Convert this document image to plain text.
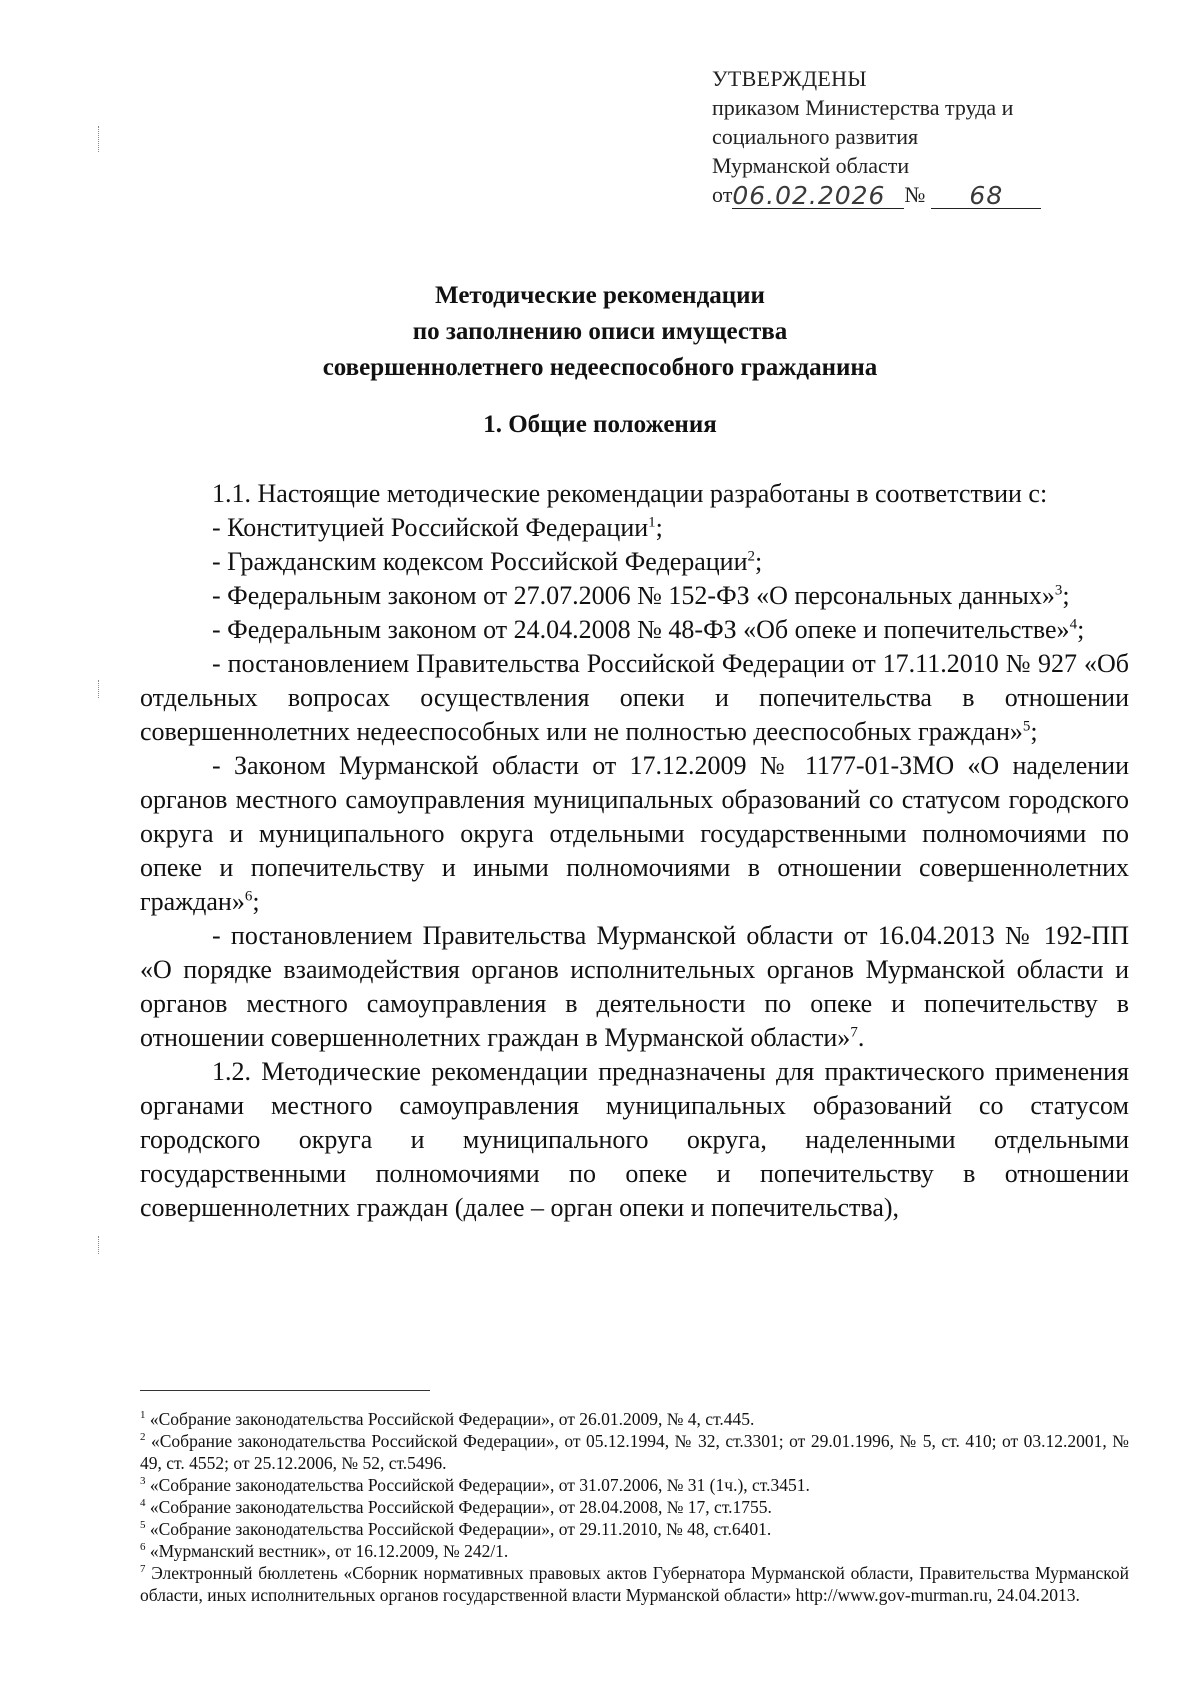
УТВЕРЖДЕНЫ
приказом Министерства труда и
социального развития
Мурманской области
от 06.02.2026 №	68
Методические рекомендации
по заполнению описи имущества
совершеннолетнего недееспособного гражданина
1. Общие положения

1.1. Настоящие методические рекомендации разработаны в соответствии с:

- Конституцией Российской Федерации$^1$;

- Гражданским кодексом Российской Федерации$^2$;

- Федеральным законом от 27.07.2006 № 152-ФЗ «О персональных данных»$^3$;

- Федеральным законом от 24.04.2008 № 48-ФЗ «Об опеке и попечительстве»$^4$;

- постановлением Правительства Российской Федерации от 17.11.2010 № 927 «Об отдельных вопросах осуществления опеки и попечительства в отношении совершеннолетних недееспособных или не полностью дееспособных граждан»$^5$;

- Законом Мурманской области от 17.12.2009 № 1177-01-ЗМО «О наделении органов местного самоуправления муниципальных образований со статусом городского округа и муниципального округа отдельными государственными полномочиями по опеке и попечительству и иными полномочиями в отношении совершеннолетних граждан»$^6$;

- постановлением Правительства Мурманской области от 16.04.2013 № 192-ПП «О порядке взаимодействия органов исполнительных органов Мурманской области и органов местного самоуправления в деятельности по опеке и попечительству в отношении совершеннолетних граждан в Мурманской области»$^7$.

1.2. Методические рекомендации предназначены для практического применения органами местного самоуправления муниципальных образований со статусом городского округа и муниципального округа, наделенными отдельными государственными полномочиями по опеке и попечительству в отношении совершеннолетних граждан (далее – орган опеки и попечительства),

$^1$ «Собрание законодательства Российской Федерации», от 26.01.2009, № 4, ст.445.

$^2$ «Собрание законодательства Российской Федерации», от 05.12.1994, № 32, ст.3301; от 29.01.1996, № 5, ст. 410; от 03.12.2001, № 49, ст. 4552; от 25.12.2006, № 52, ст.5496.

$^3$ «Собрание законодательства Российской Федерации», от 31.07.2006, № 31 (1ч.), ст.3451.

$^4$ «Собрание законодательства Российской Федерации», от 28.04.2008, № 17, ст.1755.

$^5$ «Собрание законодательства Российской Федерации», от 29.11.2010, № 48, ст.6401.

$^6$ «Мурманский вестник», от 16.12.2009, № 242/1.

$^7$ Электронный бюллетень «Сборник нормативных правовых актов Губернатора Мурманской области, Правительства Мурманской области, иных исполнительных органов государственной власти Мурманской области» http://www.gov-murman.ru, 24.04.2013.
